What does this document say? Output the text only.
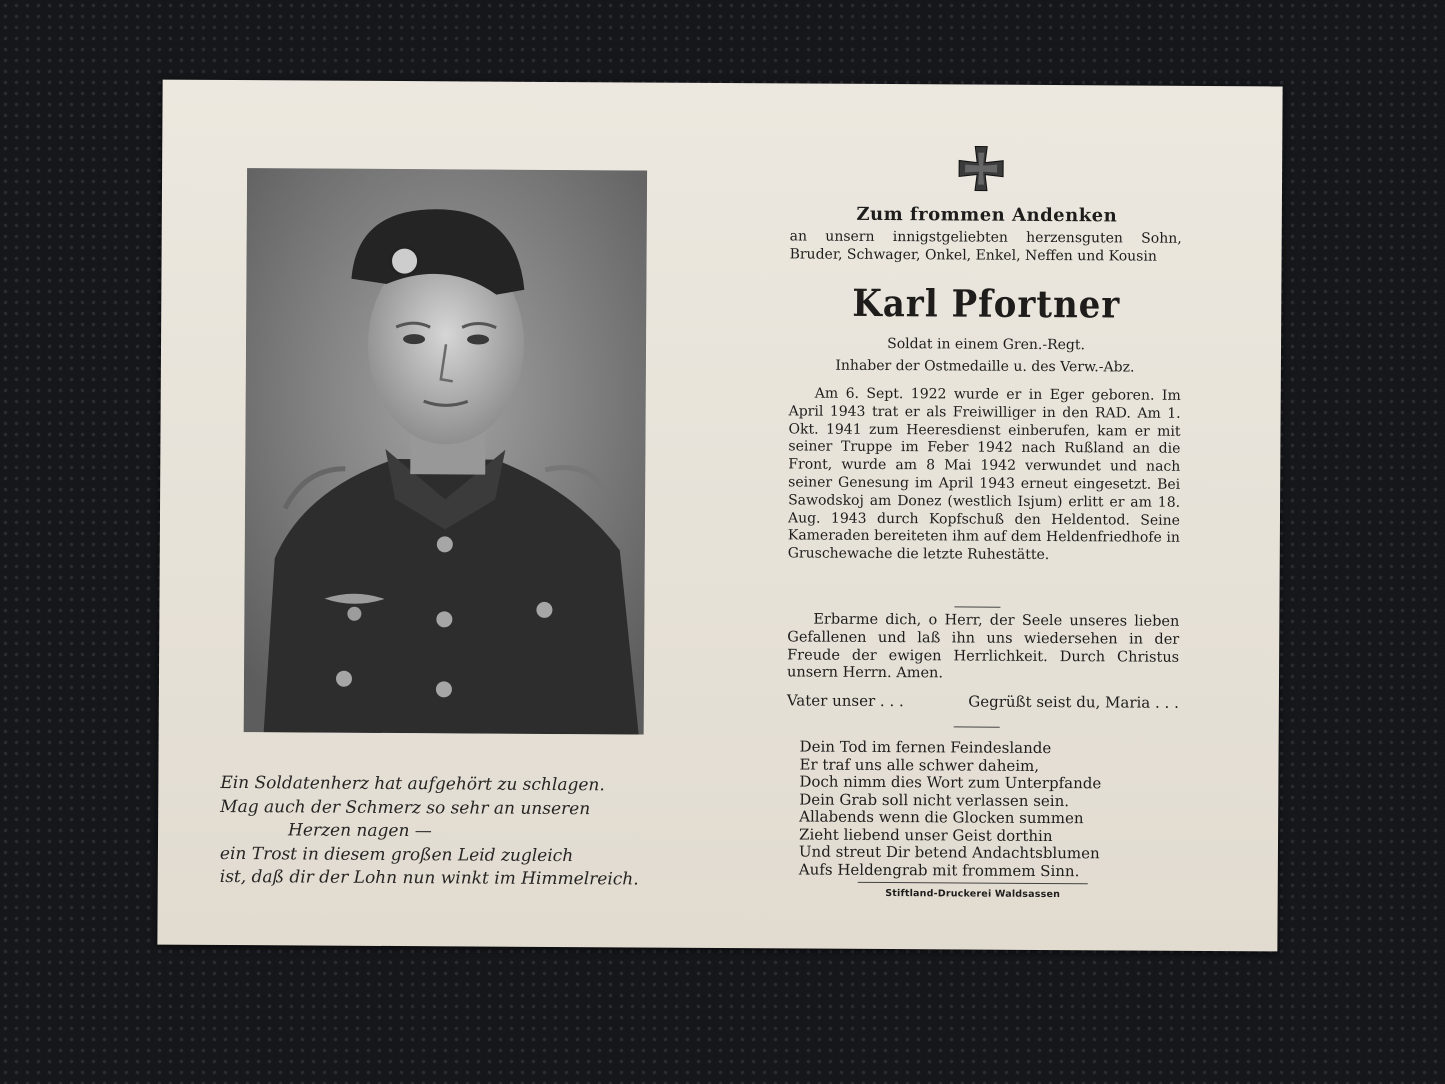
Ein Soldatenherz hat aufgehört zu schlagen.
Mag auch der Schmerz so sehr an unseren
Herzen nagen —
ein Trost in diesem großen Leid zugleich
ist, daß dir der Lohn nun winkt im Himmelreich.
Zum frommen Andenken
an unsern innigstgeliebten herzensguten Sohn, Bruder, Schwager, Onkel, Enkel, Neffen und Kousin
Karl Pfortner
Soldat in einem Gren.-Regt.
Inhaber der Ostmedaille u. des Verw.-Abz.
Am 6. Sept. 1922 wurde er in Eger geboren. Im April 1943 trat er als Freiwilliger in den RAD. Am 1. Okt. 1941 zum Heeresdienst einberufen, kam er mit seiner Truppe im Feber 1942 nach Rußland an die Front, wurde am 8 Mai 1942 verwundet und nach seiner Genesung im April 1943 erneut eingesetzt. Bei Sawodskoj am Donez (westlich Isjum) erlitt er am 18. Aug. 1943 durch Kopfschuß den Heldentod. Seine Kameraden bereiteten ihm auf dem Heldenfriedhofe in Gruschewache die letzte Ruhestätte.
Erbarme dich, o Herr, der Seele unseres lieben Gefallenen und laß ihn uns wiedersehen in der Freude der ewigen Herrlichkeit. Durch Christus unsern Herrn. Amen.
Vater unser . . .	Gegrüßt seist du, Maria . . .
Dein Tod im fernen Feindeslande
Er traf uns alle schwer daheim,
Doch nimm dies Wort zum Unterpfande
Dein Grab soll nicht verlassen sein.
Allabends wenn die Glocken summen
Zieht liebend unser Geist dorthin
Und streut Dir betend Andachtsblumen
Aufs Heldengrab mit frommem Sinn.
Stiftland-Druckerei Waldsassen
